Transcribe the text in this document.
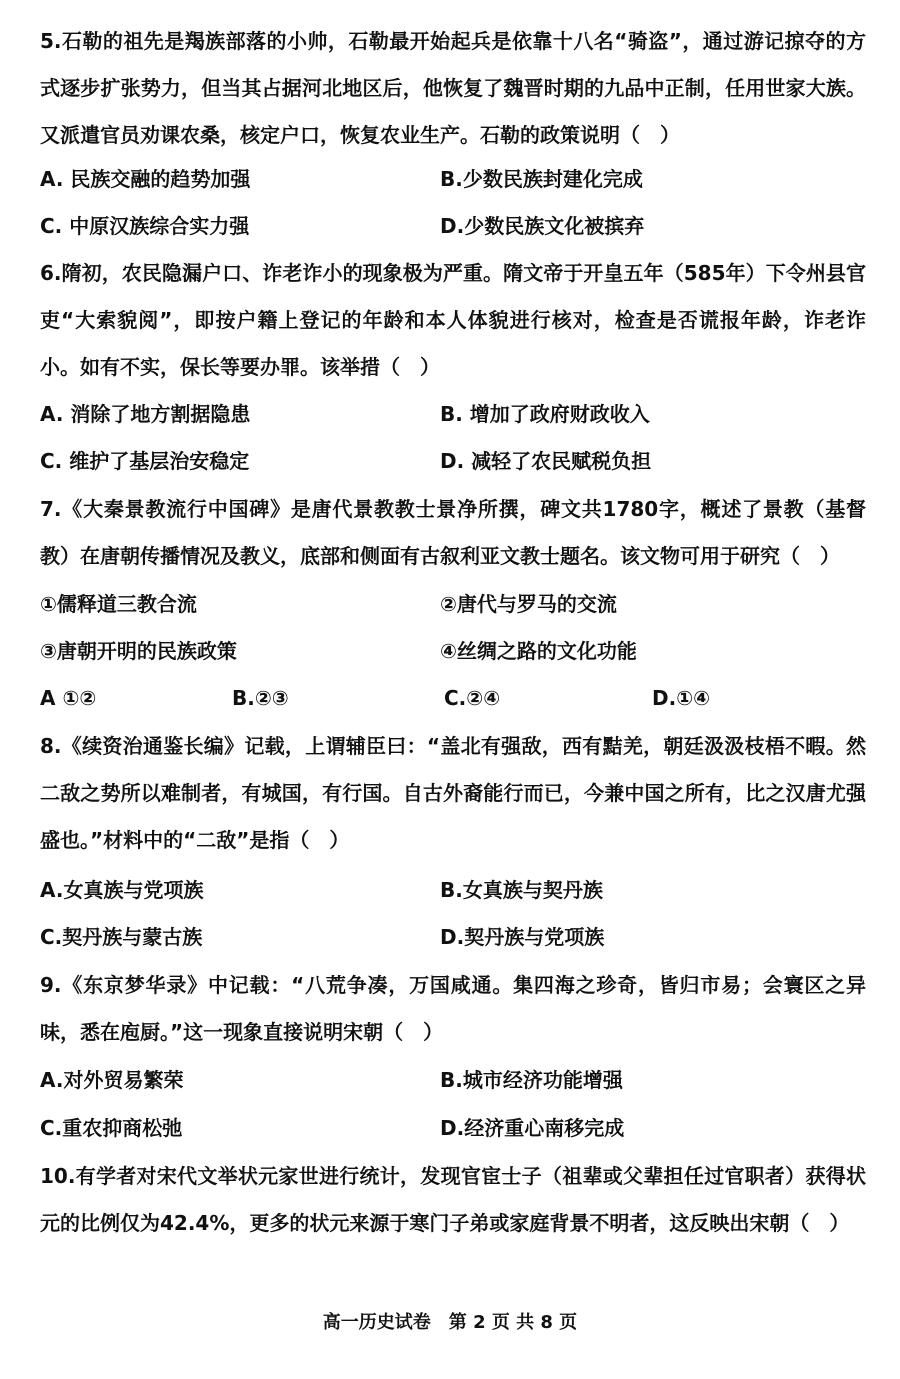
5.石勒的祖先是羯族部落的小帅，石勒最开始起兵是依靠十八名“骑盗”，通过游记掠夺的方式逐步扩张势力，但当其占据河北地区后，他恢复了魏晋时期的九品中正制，任用世家大族。又派遣官员劝课农桑，核定户口，恢复农业生产。石勒的政策说明（　）
A. 民族交融的趋势加强	B.少数民族封建化完成
C. 中原汉族综合实力强	D.少数民族文化被摈弃
6.隋初，农民隐漏户口、诈老诈小的现象极为严重。隋文帝于开皇五年（585年）下令州县官吏“大索貌阅”，即按户籍上登记的年龄和本人体貌进行核对，检查是否谎报年龄，诈老诈小。如有不实，保长等要办罪。该举措（　）
A. 消除了地方割据隐患	B. 增加了政府财政收入
C. 维护了基层治安稳定	D. 减轻了农民赋税负担
7.《大秦景教流行中国碑》是唐代景教教士景净所撰，碑文共1780字，概述了景教（基督教）在唐朝传播情况及教义，底部和侧面有古叙利亚文教士题名。该文物可用于研究（　）
①儒释道三教合流	②唐代与罗马的交流
③唐朝开明的民族政策	④丝绸之路的文化功能
A ①②	B.②③	C.②④	D.①④
8.《续资治通鉴长编》记载，上谓辅臣曰：“盖北有强敌，西有黠羌，朝廷汲汲枝梧不暇。然二敌之势所以难制者，有城国，有行国。自古外裔能行而已，今兼中国之所有，比之汉唐尤强盛也。”材料中的“二敌”是指（　）
A.女真族与党项族	B.女真族与契丹族
C.契丹族与蒙古族	D.契丹族与党项族
9.《东京梦华录》中记载：“八荒争凑，万国咸通。集四海之珍奇，皆归市易；会寰区之异味，悉在庖厨。”这一现象直接说明宋朝（　）
A.对外贸易繁荣	B.城市经济功能增强
C.重农抑商松弛	D.经济重心南移完成
10.有学者对宋代文举状元家世进行统计，发现官宦士子（祖辈或父辈担任过官职者）获得状元的比例仅为42.4%，更多的状元来源于寒门子弟或家庭背景不明者，这反映出宋朝（　）
高一历史试卷　第 2 页 共 8 页
